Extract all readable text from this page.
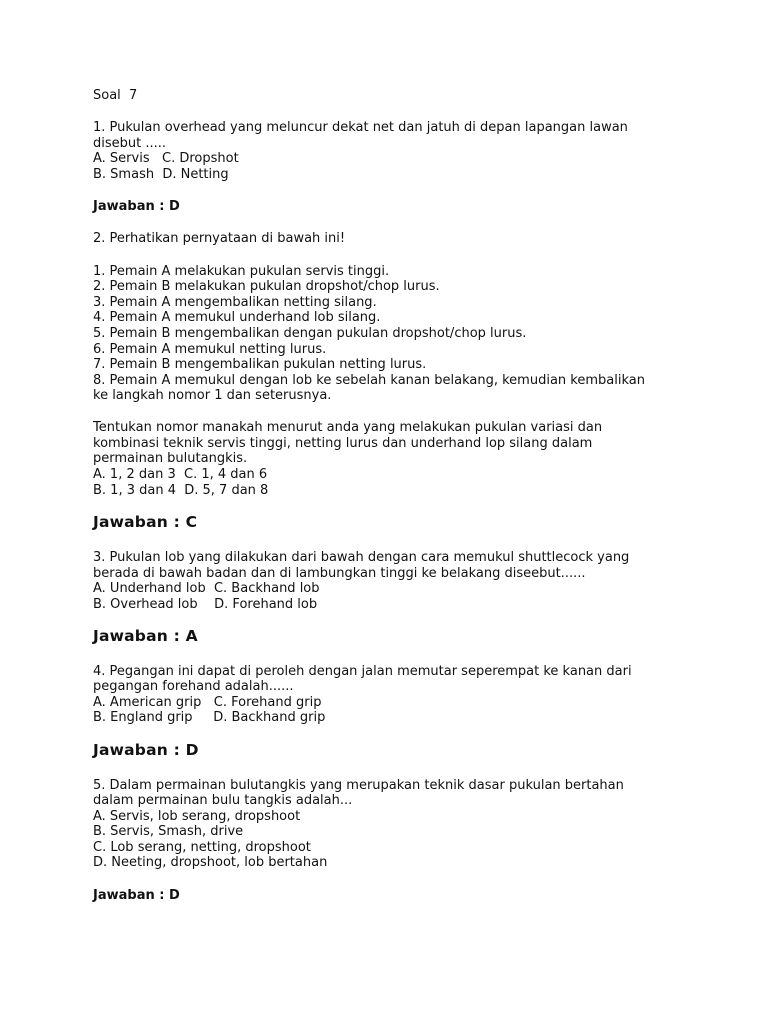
Soal  7
1. Pukulan overhead yang meluncur dekat net dan jatuh di depan lapangan lawan
disebut .....
A. Servis   C. Dropshot
B. Smash  D. Netting
Jawaban : D
2. Perhatikan pernyataan di bawah ini!
1. Pemain A melakukan pukulan servis tinggi.
2. Pemain B melakukan pukulan dropshot/chop lurus.
3. Pemain A mengembalikan netting silang.
4. Pemain A memukul underhand lob silang.
5. Pemain B mengembalikan dengan pukulan dropshot/chop lurus.
6. Pemain A memukul netting lurus.
7. Pemain B mengembalikan pukulan netting lurus.
8. Pemain A memukul dengan lob ke sebelah kanan belakang, kemudian kembalikan
ke langkah nomor 1 dan seterusnya.
Tentukan nomor manakah menurut anda yang melakukan pukulan variasi dan
kombinasi teknik servis tinggi, netting lurus dan underhand lop silang dalam
permainan bulutangkis.
A. 1, 2 dan 3  C. 1, 4 dan 6
B. 1, 3 dan 4  D. 5, 7 dan 8
Jawaban : C
3. Pukulan lob yang dilakukan dari bawah dengan cara memukul shuttlecock yang
berada di bawah badan dan di lambungkan tinggi ke belakang diseebut......
A. Underhand lob  C. Backhand lob
B. Overhead lob    D. Forehand lob
Jawaban : A
4. Pegangan ini dapat di peroleh dengan jalan memutar seperempat ke kanan dari
pegangan forehand adalah......
A. American grip   C. Forehand grip
B. England grip     D. Backhand grip
Jawaban : D
5. Dalam permainan bulutangkis yang merupakan teknik dasar pukulan bertahan
dalam permainan bulu tangkis adalah...
A. Servis, lob serang, dropshoot
B. Servis, Smash, drive
C. Lob serang, netting, dropshoot
D. Neeting, dropshoot, lob bertahan
Jawaban : D
